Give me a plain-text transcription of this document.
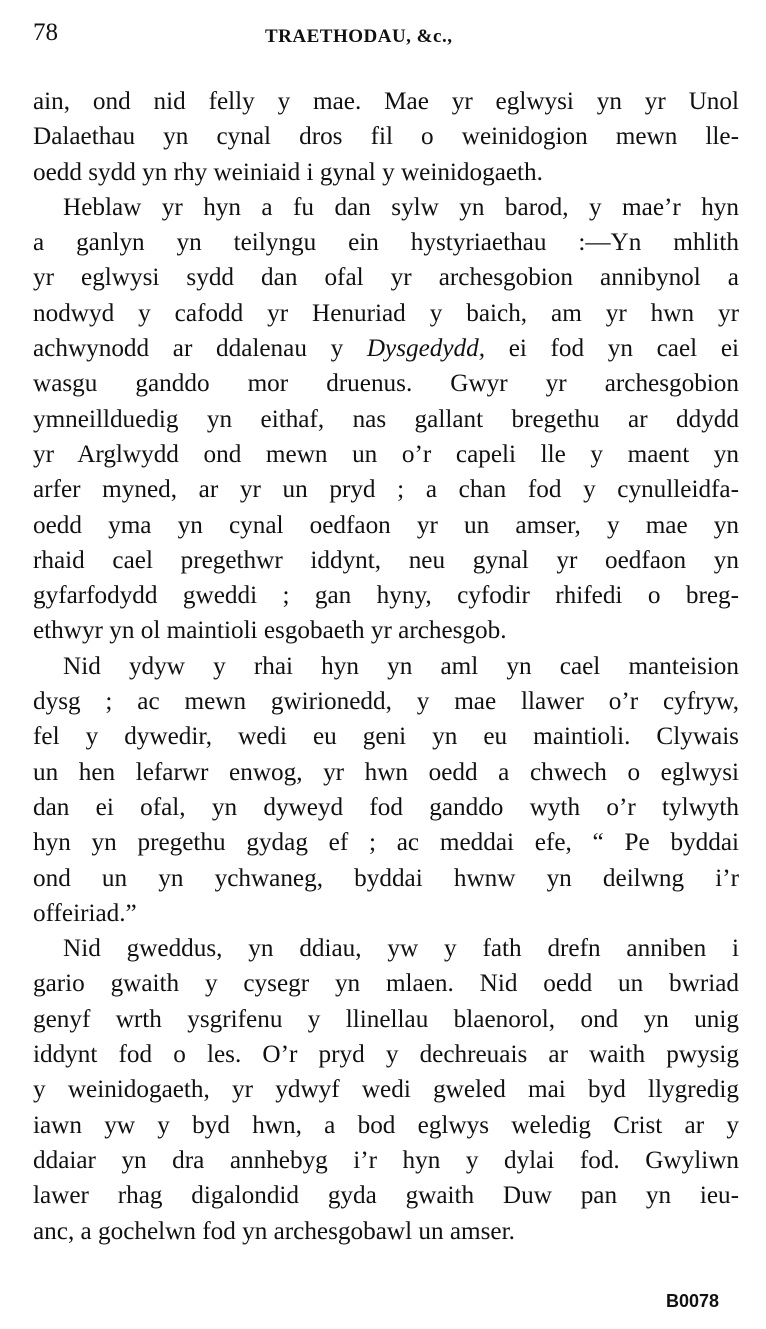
78	TRAETHODAU, &c.,
ain, ond nid felly y mae. Mae yr eglwysi yn yr Unol
Dalaethau yn cynal dros fil o weinidogion mewn lle-
oedd sydd yn rhy weiniaid i gynal y weinidogaeth.
Heblaw yr hyn a fu dan sylw yn barod, y mae’r hyn
a ganlyn yn teilyngu ein hystyriaethau :—Yn mhlith
yr eglwysi sydd dan ofal yr archesgobion annibynol a
nodwyd y cafodd yr Henuriad y baich, am yr hwn yr
achwynodd ar ddalenau y Dysgedydd, ei fod yn cael ei
wasgu ganddo mor druenus. Gwyr yr archesgobion
ymneillduedig yn eithaf, nas gallant bregethu ar ddydd
yr Arglwydd ond mewn un o’r capeli lle y maent yn
arfer myned, ar yr un pryd ; a chan fod y cynulleidfa-
oedd yma yn cynal oedfaon yr un amser, y mae yn
rhaid cael pregethwr iddynt, neu gynal yr oedfaon yn
gyfarfodydd gweddi ; gan hyny, cyfodir rhifedi o breg-
ethwyr yn ol maintioli esgobaeth yr archesgob.
Nid ydyw y rhai hyn yn aml yn cael manteision
dysg ; ac mewn gwirionedd, y mae llawer o’r cyfryw,
fel y dywedir, wedi eu geni yn eu maintioli. Clywais
un hen lefarwr enwog, yr hwn oedd a chwech o eglwysi
dan ei ofal, yn dyweyd fod ganddo wyth o’r tylwyth
hyn yn pregethu gydag ef ; ac meddai efe, “ Pe byddai
ond un yn ychwaneg, byddai hwnw yn deilwng i’r
offeiriad.”
Nid gweddus, yn ddiau, yw y fath drefn anniben i
gario gwaith y cysegr yn mlaen. Nid oedd un bwriad
genyf wrth ysgrifenu y llinellau blaenorol, ond yn unig
iddynt fod o les. O’r pryd y dechreuais ar waith pwysig
y weinidogaeth, yr ydwyf wedi gweled mai byd llygredig
iawn yw y byd hwn, a bod eglwys weledig Crist ar y
ddaiar yn dra annhebyg i’r hyn y dylai fod. Gwyliwn
lawer rhag digalondid gyda gwaith Duw pan yn ieu-
anc, a gochelwn fod yn archesgobawl un amser.
B0078
